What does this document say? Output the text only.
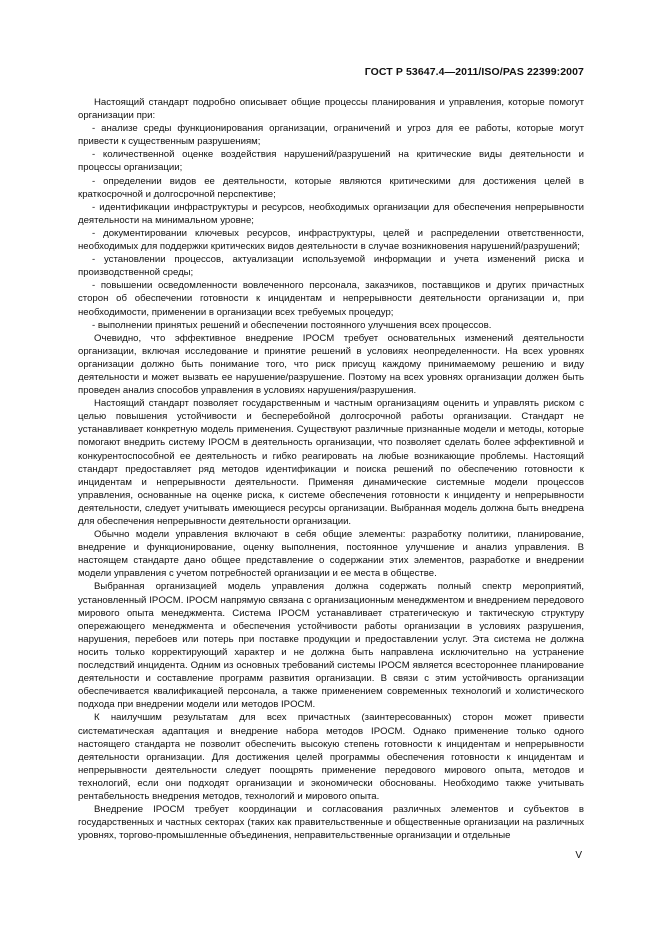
ГОСТ Р 53647.4—2011/ISO/PAS 22399:2007

Настоящий стандарт подробно описывает общие процессы планирования и управления, которые помогут организации при:

- анализе среды функционирования организации, ограничений и угроз для ее работы, которые могут привести к существенным разрушениям;

- количественной оценке воздействия нарушений/разрушений на критические виды деятельности и процессы организации;

- определении видов ее деятельности, которые являются критическими для достижения целей в краткосрочной и долгосрочной перспективе;

- идентификации инфраструктуры и ресурсов, необходимых организации для обеспечения непрерывности деятельности на минимальном уровне;

- документировании ключевых ресурсов, инфраструктуры, целей и распределении ответственности, необходимых для поддержки критических видов деятельности в случае возникновения нарушений/разрушений;

- установлении процессов, актуализации используемой информации и учета изменений риска и производственной среды;

- повышении осведомленности вовлеченного персонала, заказчиков, поставщиков и других причастных сторон об обеспечении готовности к инцидентам и непрерывности деятельности организации и, при необходимости, применении в организации всех требуемых процедур;

- выполнении принятых решений и обеспечении постоянного улучшения всех процессов.

Очевидно, что эффективное внедрение IPOCM требует основательных изменений деятельности организации, включая исследование и принятие решений в условиях неопределенности. На всех уровнях организации должно быть понимание того, что риск присущ каждому принимаемому решению и виду деятельности и может вызвать ее нарушение/разрушение. Поэтому на всех уровнях организации должен быть проведен анализ способов управления в условиях нарушения/разрушения.

Настоящий стандарт позволяет государственным и частным организациям оценить и управлять риском с целью повышения устойчивости и бесперебойной долгосрочной работы организации. Стандарт не устанавливает конкретную модель применения. Существуют различные признанные модели и методы, которые помогают внедрить систему IPOCM в деятельность организации, что позволяет сделать более эффективной и конкурентоспособной ее деятельность и гибко реагировать на любые возникающие проблемы. Настоящий стандарт предоставляет ряд методов идентификации и поиска решений по обеспечению готовности к инцидентам и непрерывности деятельности. Применяя динамические системные модели процессов управления, основанные на оценке риска, к системе обеспечения готовности к инциденту и непрерывности деятельности, следует учитывать имеющиеся ресурсы организации. Выбранная модель должна быть внедрена для обеспечения непрерывности деятельности организации.

Обычно модели управления включают в себя общие элементы: разработку политики, планирование, внедрение и функционирование, оценку выполнения, постоянное улучшение и анализ управления. В настоящем стандарте дано общее представление о содержании этих элементов, разработке и внедрении модели управления с учетом потребностей организации и ее места в обществе.

Выбранная организацией модель управления должна содержать полный спектр мероприятий, установленный IPOCM. IPOCM напрямую связана с организационным менеджментом и внедрением передового мирового опыта менеджмента. Система IPOCM устанавливает стратегическую и тактическую структуру опережающего менеджмента и обеспечения устойчивости работы организации в условиях разрушения, нарушения, перебоев или потерь при поставке продукции и предоставлении услуг. Эта система не должна носить только корректирующий характер и не должна быть направлена исключительно на устранение последствий инцидента. Одним из основных требований системы IPOCM является всестороннее планирование деятельности и составление программ развития организации. В связи с этим устойчивость организации обеспечивается квалификацией персонала, а также применением современных технологий и холистического подхода при внедрении модели или методов IPOCM.

К наилучшим результатам для всех причастных (заинтересованных) сторон может привести систематическая адаптация и внедрение набора методов IPOCM. Однако применение только одного настоящего стандарта не позволит обеспечить высокую степень готовности к инцидентам и непрерывности деятельности организации. Для достижения целей программы обеспечения готовности к инцидентам и непрерывности деятельности следует поощрять применение передового мирового опыта, методов и технологий, если они подходят организации и экономически обоснованы. Необходимо также учитывать рентабельность внедрения методов, технологий и мирового опыта.

Внедрение IPOCM требует координации и согласования различных элементов и субъектов в государственных и частных секторах (таких как правительственные и общественные организации на различных уровнях, торгово-промышленные объединения, неправительственные организации и отдельные

V
